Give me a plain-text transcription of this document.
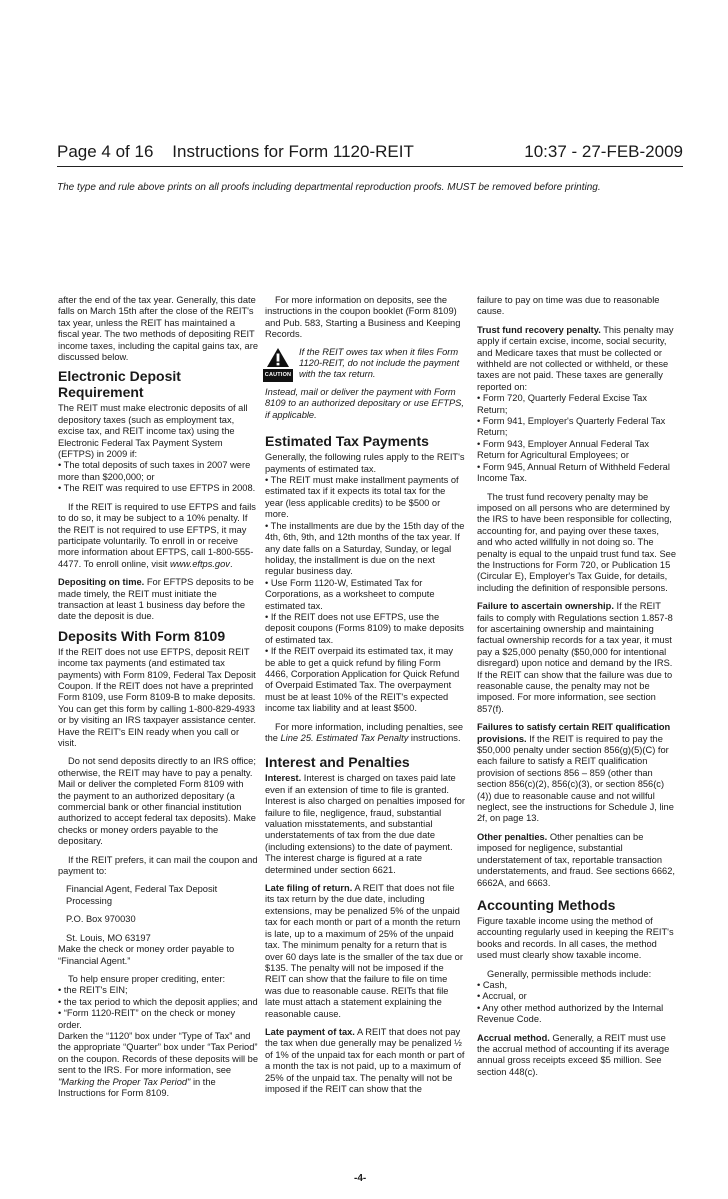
Page 4 of 16    Instructions for Form 1120-REIT	10:37 - 27-FEB-2009
The type and rule above prints on all proofs including departmental reproduction proofs. MUST be removed before printing.

after the end of the tax year. Generally, this date falls on March 15th after the close of the REIT's tax year, unless the REIT has maintained a fiscal year. The two methods of depositing REIT income taxes, including the capital gains tax, are discussed below.

Electronic Deposit Requirement

The REIT must make electronic deposits of all depository taxes (such as employment tax, excise tax, and REIT income tax) using the Electronic Federal Tax Payment System (EFTPS) in 2009 if:

• The total deposits of such taxes in 2007 were more than $200,000; or

• The REIT was required to use EFTPS in 2008.

If the REIT is required to use EFTPS and fails to do so, it may be subject to a 10% penalty. If the REIT is not required to use EFTPS, it may participate voluntarily. To enroll in or receive more information about EFTPS, call 1-800-555-4477. To enroll online, visit www.eftps.gov.

Depositing on time. For EFTPS deposits to be made timely, the REIT must initiate the transaction at least 1 business day before the date the deposit is due.

Deposits With Form 8109

If the REIT does not use EFTPS, deposit REIT income tax payments (and estimated tax payments) with Form 8109, Federal Tax Deposit Coupon. If the REIT does not have a preprinted Form 8109, use Form 8109-B to make deposits. You can get this form by calling 1-800-829-4933 or by visiting an IRS taxpayer assistance center. Have the REIT's EIN ready when you call or visit.

Do not send deposits directly to an IRS office; otherwise, the REIT may have to pay a penalty. Mail or deliver the completed Form 8109 with the payment to an authorized depositary (a commercial bank or other financial institution authorized to accept federal tax deposits). Make checks or money orders payable to the depositary.

If the REIT prefers, it can mail the coupon and payment to:

Financial Agent, Federal Tax Deposit Processing

P.O. Box 970030

St. Louis, MO 63197

Make the check or money order payable to “Financial Agent.”

To help ensure proper crediting, enter:

• the REIT's EIN;

• the tax period to which the deposit applies; and

• “Form 1120-REIT” on the check or money order.

Darken the “1120” box under “Type of Tax” and the appropriate “Quarter” box under “Tax Period” on the coupon. Records of these deposits will be sent to the IRS. For more information, see "Marking the Proper Tax Period" in the Instructions for Form 8109.

For more information on deposits, see the instructions in the coupon booklet (Form 8109) and Pub. 583, Starting a Business and Keeping Records.

CAUTION
If the REIT owes tax when it files Form 1120-REIT, do not include the payment with the tax return.

Instead, mail or deliver the payment with Form 8109 to an authorized depositary or use EFTPS, if applicable.

Estimated Tax Payments

Generally, the following rules apply to the REIT's payments of estimated tax.

• The REIT must make installment payments of estimated tax if it expects its total tax for the year (less applicable credits) to be $500 or more.

• The installments are due by the 15th day of the 4th, 6th, 9th, and 12th months of the tax year. If any date falls on a Saturday, Sunday, or legal holiday, the installment is due on the next regular business day.

• Use Form 1120-W, Estimated Tax for Corporations, as a worksheet to compute estimated tax.

• If the REIT does not use EFTPS, use the deposit coupons (Forms 8109) to make deposits of estimated tax.

• If the REIT overpaid its estimated tax, it may be able to get a quick refund by filing Form 4466, Corporation Application for Quick Refund of Overpaid Estimated Tax. The overpayment must be at least 10% of the REIT's expected income tax liability and at least $500.

For more information, including penalties, see the Line 25. Estimated Tax Penalty instructions.

Interest and Penalties

Interest. Interest is charged on taxes paid late even if an extension of time to file is granted. Interest is also charged on penalties imposed for failure to file, negligence, fraud, substantial valuation misstatements, and substantial understatements of tax from the due date (including extensions) to the date of payment. The interest charge is figured at a rate determined under section 6621.

Late filing of return. A REIT that does not file its tax return by the due date, including extensions, may be penalized 5% of the unpaid tax for each month or part of a month the return is late, up to a maximum of 25% of the unpaid tax. The minimum penalty for a return that is over 60 days late is the smaller of the tax due or $135. The penalty will not be imposed if the REIT can show that the failure to file on time was due to reasonable cause. REITs that file late must attach a statement explaining the reasonable cause.

Late payment of tax. A REIT that does not pay the tax when due generally may be penalized ½ of 1% of the unpaid tax for each month or part of a month the tax is not paid, up to a maximum of 25% of the unpaid tax. The penalty will not be imposed if the REIT can show that the

failure to pay on time was due to reasonable cause.

Trust fund recovery penalty. This penalty may apply if certain excise, income, social security, and Medicare taxes that must be collected or withheld are not collected or withheld, or these taxes are not paid. These taxes are generally reported on:

• Form 720, Quarterly Federal Excise Tax Return;

• Form 941, Employer's Quarterly Federal Tax Return;

• Form 943, Employer Annual Federal Tax Return for Agricultural Employees; or

• Form 945, Annual Return of Withheld Federal Income Tax.

The trust fund recovery penalty may be imposed on all persons who are determined by the IRS to have been responsible for collecting, accounting for, and paying over these taxes, and who acted willfully in not doing so. The penalty is equal to the unpaid trust fund tax. See the Instructions for Form 720, or Publication 15 (Circular E), Employer's Tax Guide, for details, including the definition of responsible persons.

Failure to ascertain ownership. If the REIT fails to comply with Regulations section 1.857-8 for ascertaining ownership and maintaining factual ownership records for a tax year, it must pay a $25,000 penalty ($50,000 for intentional disregard) upon notice and demand by the IRS. If the REIT can show that the failure was due to reasonable cause, the penalty may not be imposed. For more information, see section 857(f).

Failures to satisfy certain REIT qualification provisions. If the REIT is required to pay the $50,000 penalty under section 856(g)(5)(C) for each failure to satisfy a REIT qualification provision of sections 856 – 859 (other than section 856(c)(2), 856(c)(3), or section 856(c)(4)) due to reasonable cause and not willful neglect, see the instructions for Schedule J, line 2f, on page 13.

Other penalties. Other penalties can be imposed for negligence, substantial understatement of tax, reportable transaction understatements, and fraud. See sections 6662, 6662A, and 6663.

Accounting Methods

Figure taxable income using the method of accounting regularly used in keeping the REIT's books and records. In all cases, the method used must clearly show taxable income.

Generally, permissible methods include:

• Cash,

• Accrual, or

• Any other method authorized by the Internal Revenue Code.

Accrual method. Generally, a REIT must use the accrual method of accounting if its average annual gross receipts exceed $5 million. See section 448(c).

-4-
